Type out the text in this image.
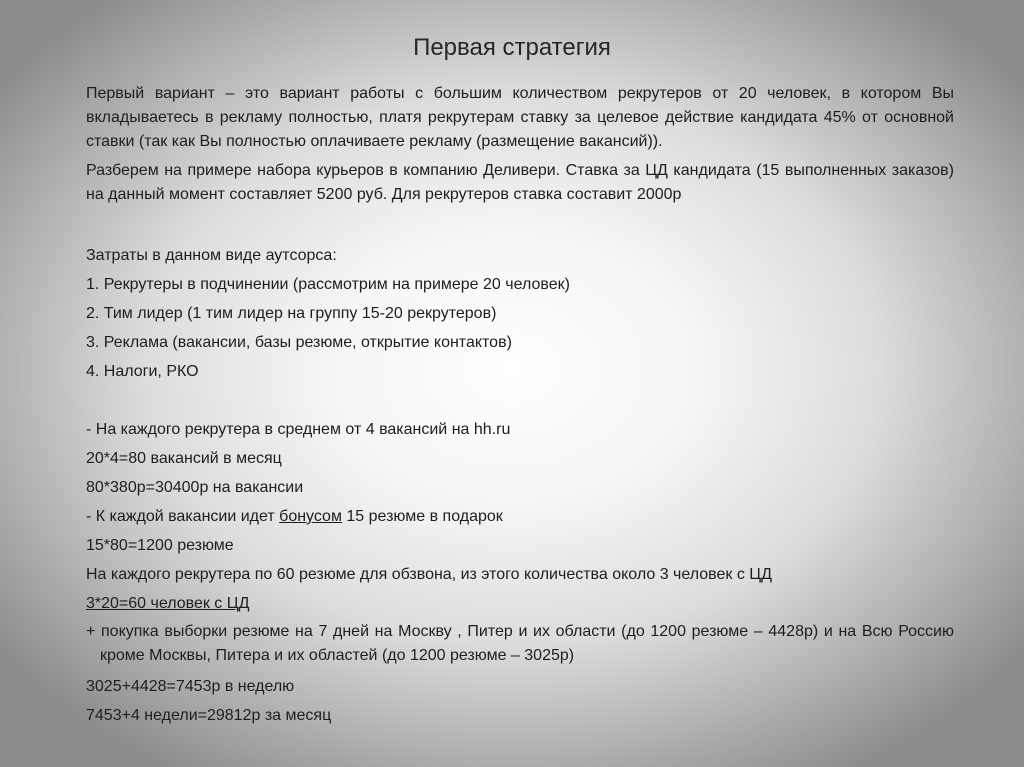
Первая стратегия
Первый вариант – это вариант работы с большим количеством рекрутеров от 20 человек, в котором Вы вкладываетесь в рекламу полностью, платя рекрутерам ставку за целевое действие кандидата 45% от основной ставки (так как Вы полностью оплачиваете рекламу (размещение вакансий)).
Разберем на примере набора курьеров в компанию Деливери. Ставка за ЦД кандидата (15 выполненных заказов) на данный момент составляет 5200 руб. Для рекрутеров ставка составит 2000р
Затраты в данном виде аутсорса:
1. Рекрутеры в подчинении (рассмотрим на примере 20 человек)
2. Тим лидер (1 тим лидер на группу 15-20 рекрутеров)
3. Реклама (вакансии, базы резюме, открытие контактов)
4. Налоги, РКО
- На каждого рекрутера в среднем от 4 вакансий на hh.ru
20*4=80 вакансий в месяц
80*380р=30400р на вакансии
- К каждой вакансии идет бонусом 15 резюме в подарок
15*80=1200 резюме
На каждого рекрутера по 60 резюме для обзвона, из этого количества около 3 человек с ЦД
3*20=60 человек с ЦД
+ покупка выборки резюме на 7 дней на Москву , Питер и их области (до 1200 резюме – 4428р) и на Всю Россию кроме Москвы, Питера и их областей (до 1200 резюме – 3025р)
3025+4428=7453р в неделю
7453+4 недели=29812р за месяц
